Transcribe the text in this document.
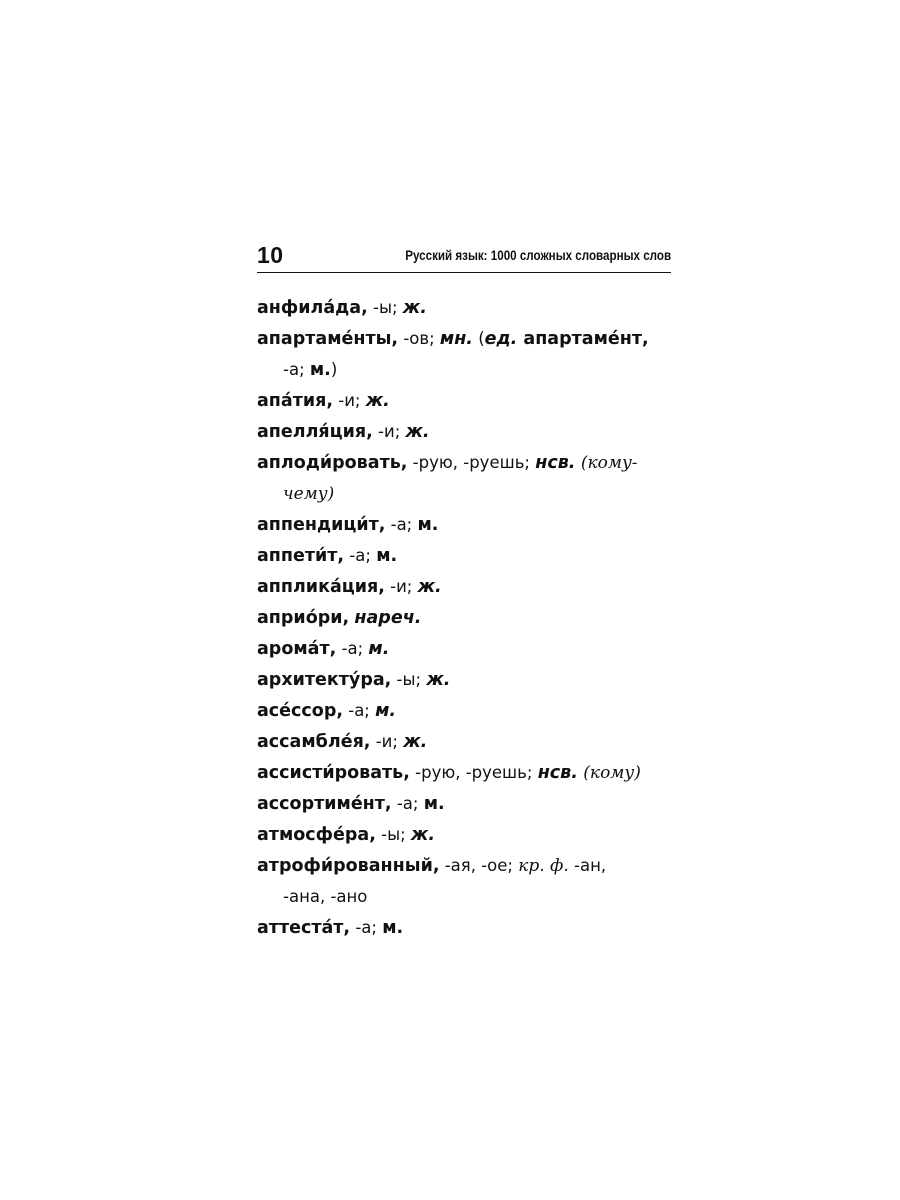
10	Русский язык: 1000 сложных словарных слов
анфила́да, -ы; ж.
апартаме́нты, -ов; мн. (ед. апартаме́нт,
-а; м.)
апа́тия, -и; ж.
апелля́ция, -и; ж.
аплоди́ровать, -рую, -руешь; нсв. (кому-
чему)
аппендици́т, -а; м.
аппети́т, -а; м.
апплика́ция, -и; ж.
априо́ри, нареч.
арома́т, -а; м.
архитекту́ра, -ы; ж.
асе́ссор, -а; м.
ассамбле́я, -и; ж.
ассисти́ровать, -рую, -руешь; нсв. (кому)
ассортиме́нт, -а; м.
атмосфе́ра, -ы; ж.
атрофи́рованный, -ая, -ое; кр. ф. -ан,
-ана, -ано
аттеста́т, -а; м.
